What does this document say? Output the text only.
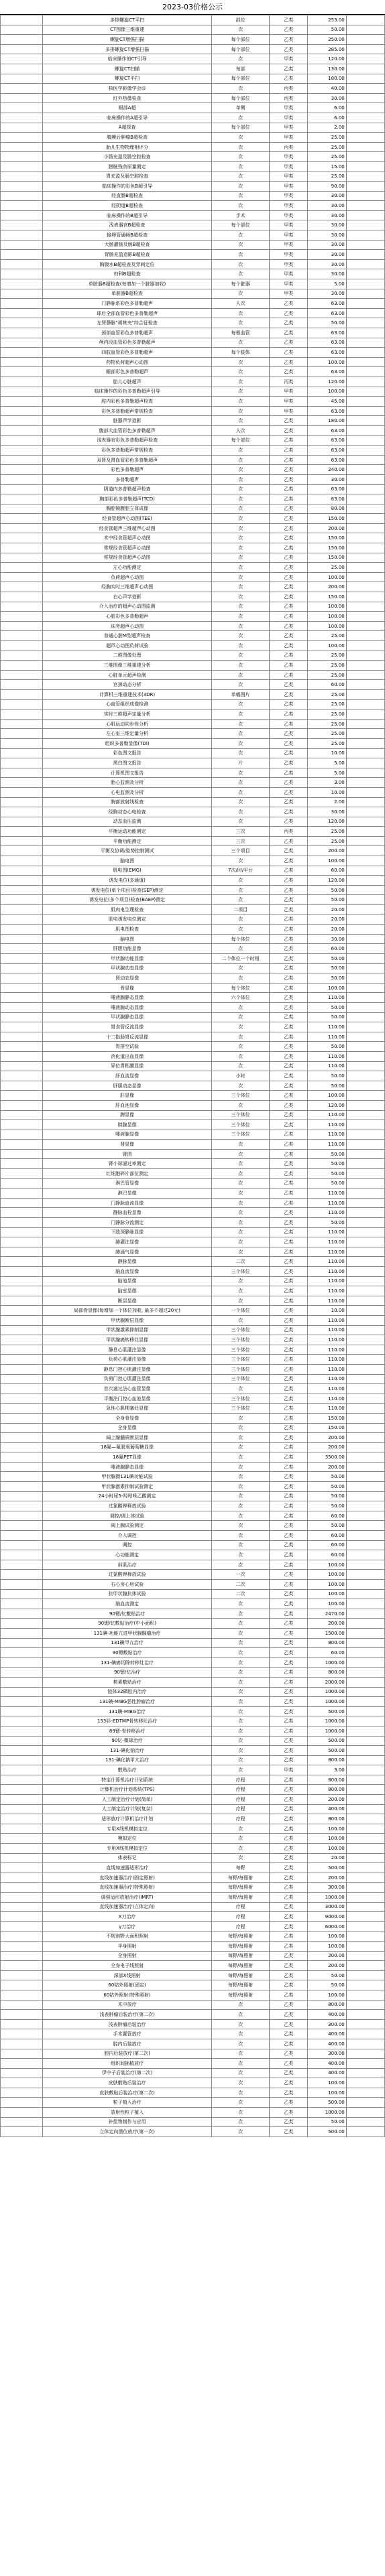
2023-03价格公示
	多排螺旋CT平扫	部位	乙类	253.00	
	CT图像三维重建	次	乙类	50.00	
	螺旋CT增强扫描	每个部位	乙类	250.00	
	多排螺旋CT增强扫描	每个部位	乙类	285.00	
	临床操作的CT引导	次	甲类	120.00	
	螺旋CT扫描	每部	乙类	130.00	
	螺旋CT平扫	每个部位	乙类	180.00	
	核医学影像学会诊	次	丙类	40.00	
	红外热像检查	每个部位	丙类	30.00	
	眼部A超	单侧	甲类	6.00	
	临床操作的A超引导	次	甲类	6.00	
	A超探查	每个部位	甲类	2.00	
	腹膜后肿瘤B超检查	次	甲类	25.00	
	胎儿生物物理相评分	次	丙类	25.00	
	小肠充盈及肠空腔检查	次	甲类	25.00	
	膀胱残余尿量测定	次	甲类	15.00	
	胃充盈及肠空腔检查	次	甲类	25.00	
	临床操作的彩色B超引导	次	甲类	90.00	
	经直肠B超检查	次	甲类	30.00	
	经阴道B超检查	次	甲类	30.00	
	临床操作的B超引导	手术	甲类	30.00	
	浅表器官B超检查	每个部位	甲类	30.00	
	输卵管通畅B超检查	次	甲类	30.00	
	大肠灌肠及肠B超检查	次	甲类	30.00	
	胃肠充盈造影B超检查	次	甲类	30.00	
	胸腹水B超检查及穿刺定位	次	甲类	30.00	
	妇科B超检查	次	甲类	30.00	
	单脏器B超检查(每增加一个脏器加收)	每个脏器	甲类	5.00	
	单脏器B超检查	次	甲类	30.00	
	门静脉系彩色多普勒超声	人次	乙类	63.00	
	球后全部血管彩色多普勒超声	次	乙类	63.00	
	左肾静脉"胡桃夹"综合征检查	次	乙类	50.00	
	颈部血管彩色多普勒超声	每根血管	乙类	63.00	
	颅内段血管彩色多普勒超声	次	乙类	63.00	
	四肢血管彩色多普勒超声	每个肢体	乙类	63.00	
	药物负荷超声心动图	次	乙类	100.00	
	眼部彩色多普勒超声	次	乙类	63.00	
	胎儿心脏超声	次	丙类	120.00	
	临床操作的彩色多普勒超声引导	次	甲类	100.00	
	腔内彩色多普勒超声检查	次	甲类	45.00	
	彩色多普勒超声常规检查	次	甲类	63.00	
	脏器声学造影	次	乙类	180.00	
	腹部大血管彩色多普勒超声	人次	乙类	63.00	
	浅表器官彩色多普勒超声检查	每个部位	乙类	63.00	
	彩色多普勒超声常规检查	次	乙类	63.00	
	双肾及肾血管彩色多普勒超声	次	乙类	63.00	
	彩色多普勒超声	次	乙类	240.00	
	多普勒超声	次	乙类	30.00	
	阴道内多普勒超声检查	次	乙类	63.00	
	胸部彩色多普勒超声(TCD)	次	乙类	63.00	
	胸腔镜腹腔立体成像	次	乙类	80.00	
	经食管超声心动图(TEE)	次	乙类	150.00	
	经食管超声三维超声心动图	次	乙类	200.00	
	术中经食管超声心动图	次	乙类	150.00	
	常规经食管超声心动图	次	乙类	150.00	
	常规经食管超声心动图	次	乙类	150.00	
	左心功能测定	次	乙类	25.00	
	负荷超声心动图	次	乙类	100.00	
	经胸实时三维超声心动图	次	乙类	200.00	
	右心声学造影	次	乙类	150.00	
	介入治疗的超声心动图监测	次	乙类	100.00	
	心脏彩色多普勒超声	次	乙类	100.00	
	床旁超声心动图	次	乙类	100.00	
	普通心脏M型超声检查	次	乙类	25.00	
	超声心动图负荷试验	次	乙类	100.00	
	二维图像处理	次	乙类	25.00	
	三维图像三维重建分析	次	乙类	25.00	
	心脏单元超声检测	次	乙类	25.00	
	宫颈动态分析	次	乙类	60.00	
	计算机三维重建技术(3DR)	单幅图片	乙类	25.00	
	心血管组织成像检测	次	乙类	25.00	
	实时三维超声定量分析	次	乙类	25.00	
	心肌运动同步性分析	次	乙类	25.00	
	左心室三维定量分析	次	乙类	25.00	
	组织多普勒显像(TDI)	次	乙类	25.00	
	彩色图文报告	次	乙类	10.00	
	黑白图文报告	片	乙类	5.00	
	计算机图文报告	次	乙类	5.00	
	胎心监测及分析	次	乙类	3.00	
	心电监测及分析	次	乙类	10.00	
	胸部放射线检查	次	乙类	2.00	
	经胸动态心电检查	次	乙类	30.00	
	动态血压监测	次	乙类	120.00	
	平衡运动功能测定	三次	丙类	25.00	
	平衡功能测定	三次	乙类	25.00	
	平衡及协调/姿势控制测试	三个项目	乙类	200.00	
	脑电图	次	乙类	100.00	
	肌电图(EMG)	7次/时/平台	乙类	60.00	
	诱发电位(多通道)	次	乙类	120.00	
	诱发电位(单个项目)检查(SEP)测定	次	乙类	50.00	
	诱发电位(多个项目)检查(BAEP)测定	次	乙类	50.00	
	肌肉电生理检查	二项目	乙类	20.00	
	肌电诱发电位测定	次	乙类	20.00	
	肌电图检查	次	乙类	20.00	
	脑电图	每个体位	乙类	30.00	
	肝胆功能显像	次	乙类	60.00	
	甲状腺功能显像	二个体位一个时相	乙类	50.00	
	甲状腺动态显像	次	乙类	50.00	
	肾动态显像	次	乙类	50.00	
	骨显像	每个体位	乙类	100.00	
	唾液腺静态显像	六个体位	乙类	110.00	
	唾液腺动态显像	次	乙类	50.00	
	甲状腺静态显像	次	乙类	50.00	
	胃食管反流显像	次	乙类	110.00	
	十二指肠胃反流显像	次	乙类	110.00	
	胃排空试验	次	乙类	50.00	
	消化道出血显像	次	乙类	110.00	
	异位胃粘膜显像	次	乙类	110.00	
	肝血流显像	小时	乙类	50.00	
	肝胆动态显像	次	乙类	50.00	
	肝显像	三个体位	乙类	100.00	
	肝血池显像	次	乙类	120.00	
	脾显像	三个体位	乙类	110.00	
	胰腺显像	三个体位	乙类	110.00	
	唾液腺显像	三个体位	乙类	110.00	
	肾显像	次	乙类	110.00	
	肾图	次	乙类	50.00	
	肾小球滤过率测定	次	乙类	50.00	
	红细胞碎片部位测定	次	乙类	50.00	
	淋巴管显像	次	乙类	50.00	
	淋巴显像	次	乙类	110.00	
	门静脉血流显像	次	乙类	110.00	
	静脉血栓显像	次	乙类	110.00	
	门静脉分流测定	次	乙类	50.00	
	下肢深静脉显像	次	乙类	110.00	
	肺灌注显像	次	乙类	110.00	
	肺通气显像	次	乙类	110.00	
	静脉显像	二次	乙类	110.00	
	脑血流显像	三个体位	乙类	110.00	
	脑池显像	次	乙类	110.00	
	脑室显像	次	乙类	110.00	
	断层显像	次	乙类	110.00	
	局部骨显像(每增加一个体位加收, 最多不超过20元)	一个体位	乙类	10.00	
	甲状腺断层显像	次	乙类	110.00	
	甲状腺激素抑制显像	三个体位	乙类	110.00	
	甲状腺癌转移灶显像	三个体位	乙类	110.00	
	静息心肌灌注显像	三个体位	乙类	110.00	
	负荷心肌灌注显像	三个体位	乙类	110.00	
	静息门控心肌灌注显像	三个体位	乙类	110.00	
	负荷门控心肌灌注显像	三个体位	乙类	110.00	
	首次通过法心血管显像	次	乙类	110.00	
	平衡法门控心血池显像	三个体位	乙类	110.00	
	急性心肌梗塞灶显像	三个体位	乙类	110.00	
	全身骨显像	次	乙类	150.00	
	全身显像	次	乙类	150.00	
	阔上腺髓质断层显像	次	乙类	200.00	
	18氟—氟脱氧葡萄糖显像	次	乙类	200.00	
	18氟PET显像	次	乙类	3500.00	
	唾液腺静态显像	次	乙类	200.00	
	甲状腺摄131碘功能试验	次	乙类	50.00	
	甲状腺激素抑制试验测定	次	乙类	50.00	
	24小时尿5-羟吲哚乙酸测定	次	乙类	50.00	
	过氯酸钾释放试验	次	乙类	50.00	
	调控/调上体试验	次	乙类	60.00	
	阔上腺试验测定	次	乙类	50.00	
	介入调控	次	乙类	60.00	
	调控	次	乙类	60.00	
	心功能测定	次	乙类	60.00	
	斜肌治疗	次	乙类	100.00	
	过氯酸钾释放试验	一次	乙类	100.00	
	右心房心房试验	二次	乙类	100.00	
	抗甲状腺抗体试验	二次	乙类	100.00	
	脑血流测定	次	乙类	100.00	
	90锶/钇敷贴治疗	次	乙类	2470.00	
	90锶/钇敷贴治疗(中小面积)	次	乙类	200.00	
	131碘-功能亢进甲状腺腺瘤治疗	次	乙类	1500.00	
	131碘甲亢治疗	次	乙类	800.00	
	90锶敷贴治疗	次	乙类	60.00	
	131-碘癌切除转移灶治疗	次	乙类	1000.00	
	90锶/钇治疗	次	乙类	800.00	
	核素敷贴治疗	次	乙类	2000.00	
	胶体32磷腔内治疗	次	乙类	1000.00	
	131碘-MIBG恶性肿瘤治疗	次	乙类	1000.00	
	131碘-MIBG治疗	次	乙类	500.00	
	153钐-EDTMP骨转移灶治疗	次	乙类	1000.00	
	89锶-骨转移治疗	次	乙类	1000.00	
	90钇-微球治疗	次	乙类	500.00	
	131-碘化钠治疗	次	乙类	500.00	
	131-碘化钠甲亢治疗	次	乙类	800.00	
	敷贴治疗	次	甲类	3.00	
	特定计算机治疗计划系统	疗程	乙类	800.00	
	计算机治疗计划系统(TPS)	疗程	乙类	800.00	
	人工制定治疗计划(简单)	疗程	乙类	200.00	
	人工制定治疗计划(复杂)	疗程	乙类	400.00	
	适形放疗计算机治疗计划	疗程	乙类	800.00	
	专用X线机模拟定位	次	乙类	100.00	
	模拟定位	次	乙类	100.00	
	专用X线机模拟定位	次	乙类	100.00	
	体表标记	次	乙类	20.00	
	直线加速器适形治疗	每野	乙类	500.00	
	直线加速器治疗(固定照射)	每野/每照射	乙类	200.00	
	直线加速器治疗(特殊照射)	每野/每照射	乙类	300.00	
	调强适形放射治疗(IMRT)	每野/每照射	乙类	1000.00	
	直线加速器治疗(立体定向)	疗程	乙类	3000.00	
	X刀治疗	疗程	乙类	9000.00	
	γ刀治疗	疗程	乙类	6000.00	
	不规则野大面积照射	每野/每照射	乙类	100.00	
	半身照射	每野/每照射	乙类	100.00	
	全身照射	每野/每照射	乙类	200.00	
	全身电子线照射	每野/每照射	乙类	200.00	
	深部X线照射	每野/每照射	乙类	50.00	
	60钴外照射(固定)	每野/每照射	乙类	50.00	
	60钴外照射(特殊照射)	每野/每照射	乙类	100.00	
	术中放疗	次	乙类	800.00	
	浅表肿瘤后装治疗(第二次)	次	乙类	400.00	
	浅表肿瘤后装治疗	次	乙类	300.00	
	手术置管放疗	次	乙类	400.00	
	腔内后装放疗	次	乙类	400.00	
	腔内后装放疗(第二次)	次	乙类	300.00	
	组织间插植放疗	次	乙类	400.00	
	伊中子后装治疗(第二次)	次	乙类	400.00	
	皮肤敷贴后装治疗	次	乙类	100.00	
	皮肤敷贴后装治疗(第二次)	次	乙类	100.00	
	粒子植入治疗	次	乙类	500.00	
	放射性粒子植入	次	乙类	1000.00	
	补偿物制作与应用	次	乙类	50.00	
	立体定向摆位放疗(第一次)	次	乙类	500.00	
